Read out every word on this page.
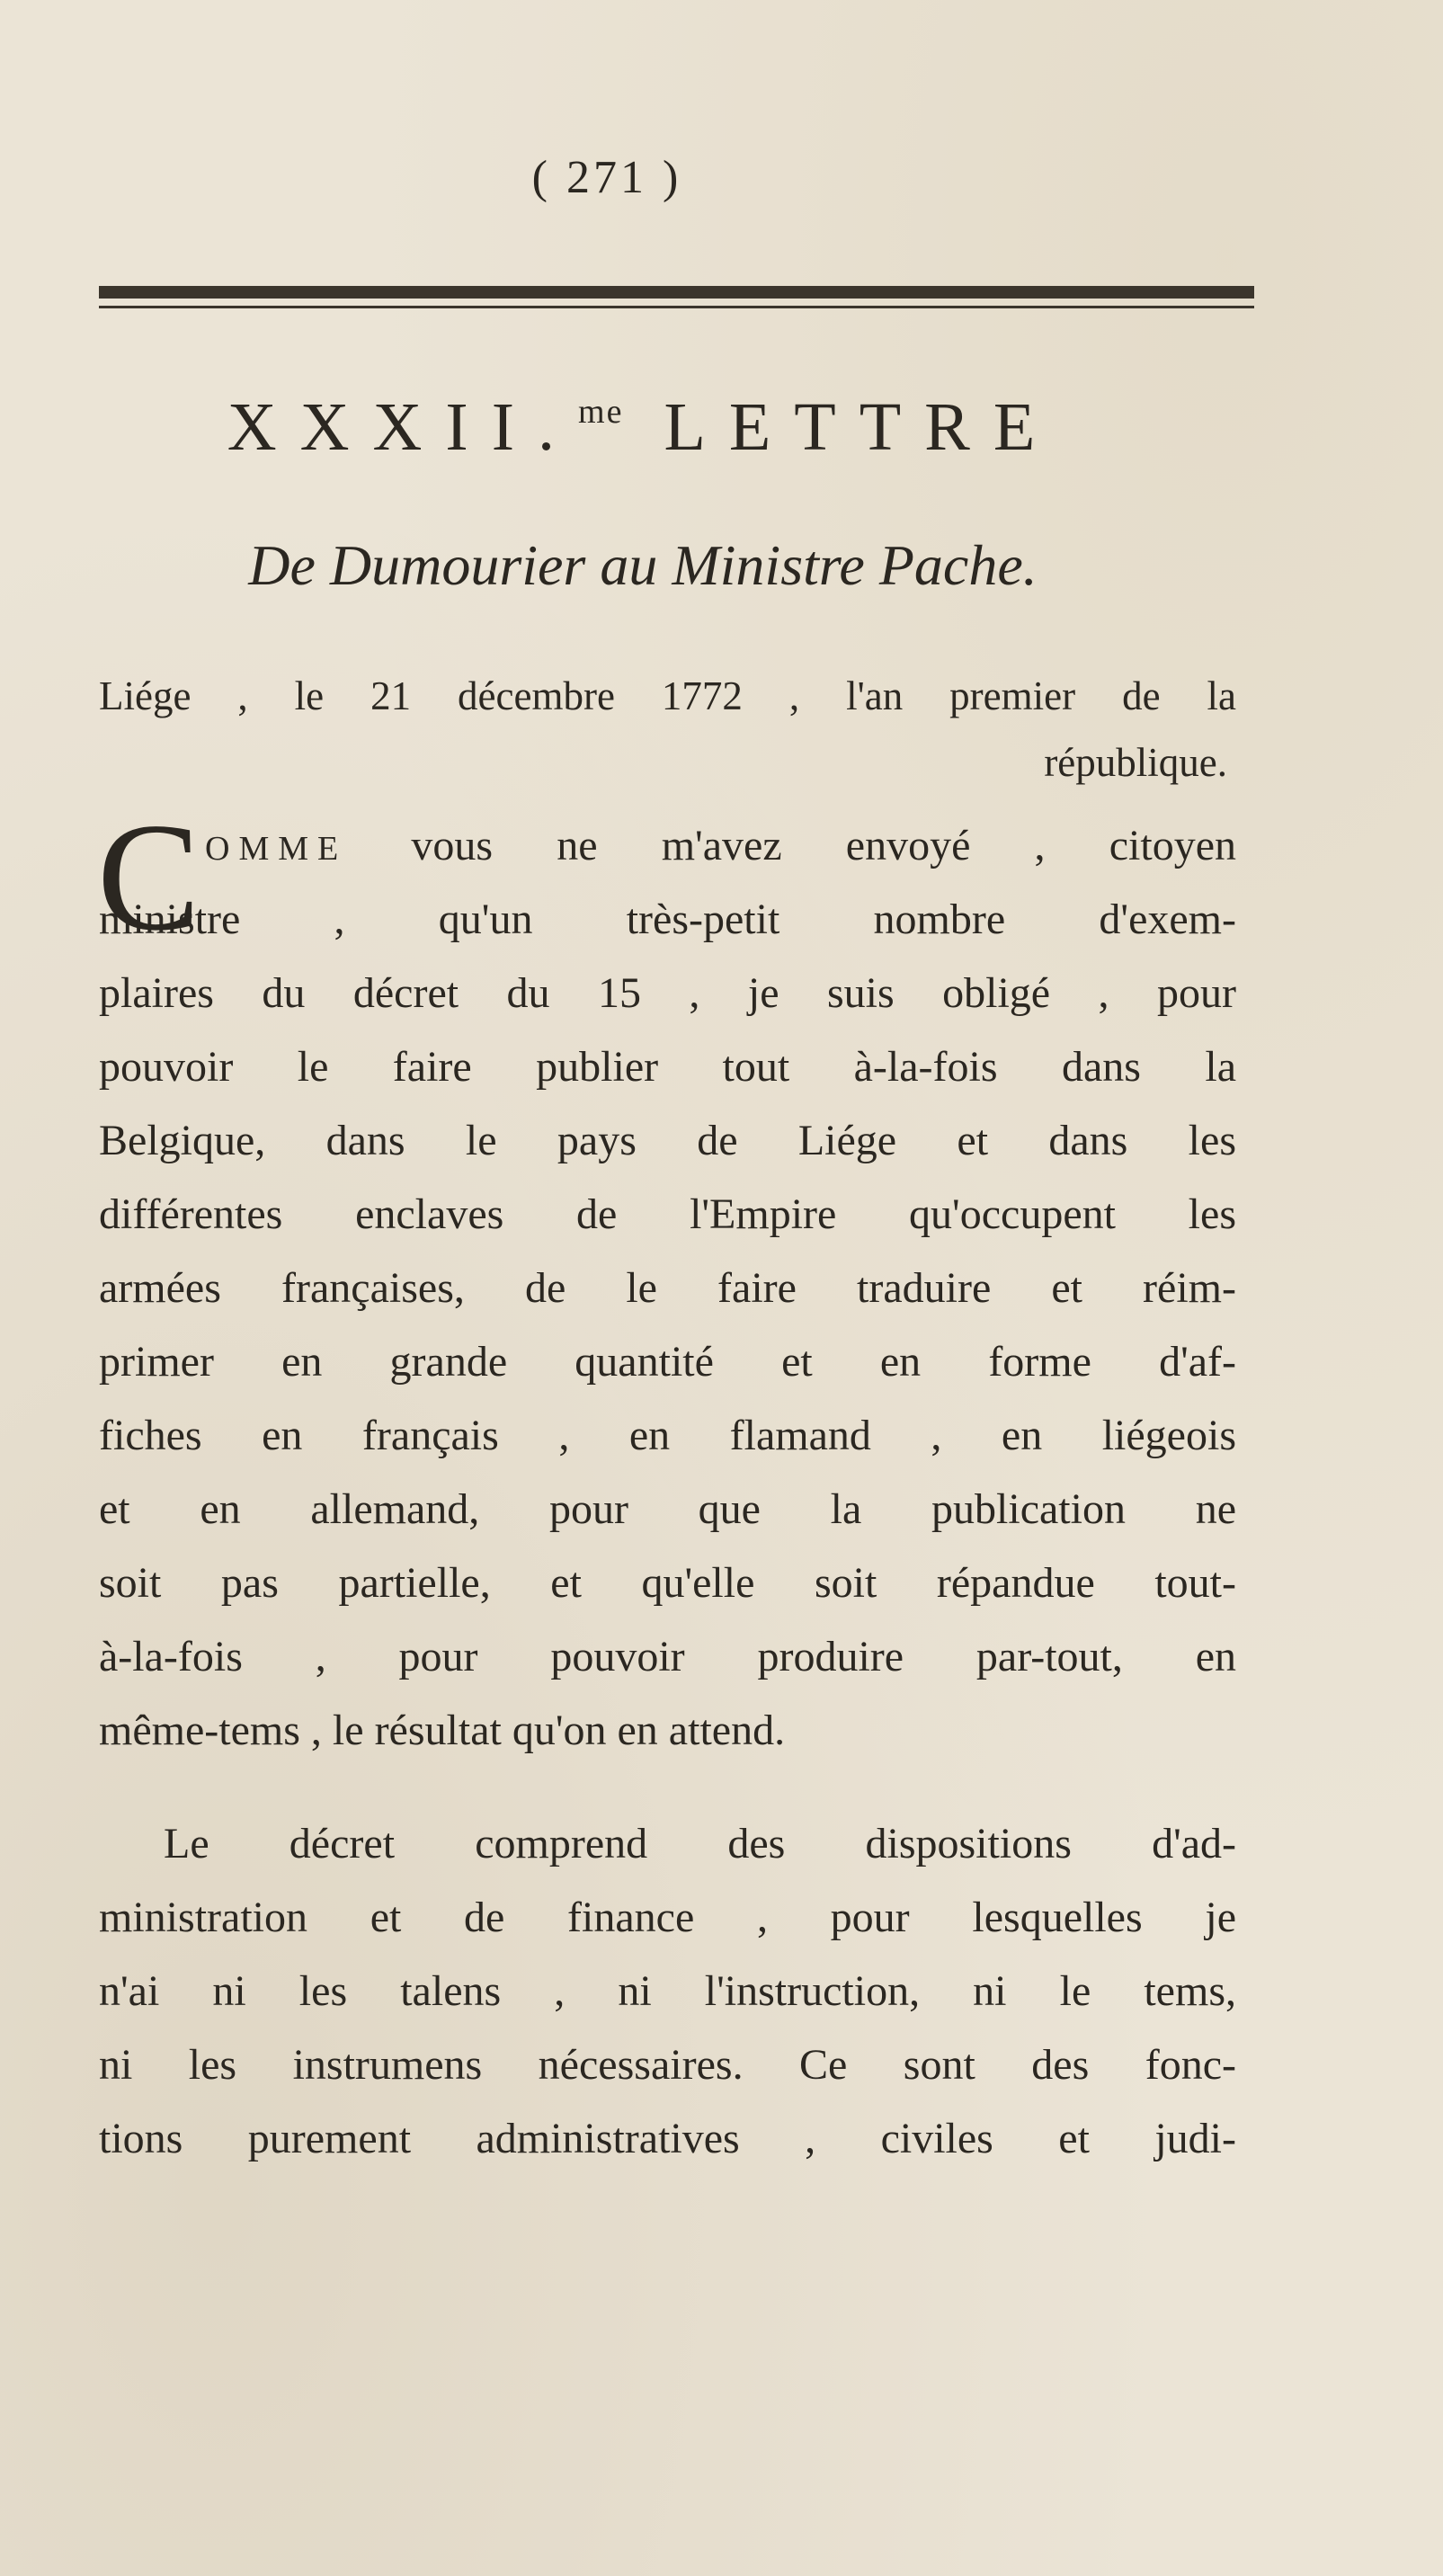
( 271 )
XXXII.$^{me}$ LETTRE
De Dumourier au Ministre Pache.
Liége , le 21 décembre 1772 , l'an premier de la
république.
C OMME vous ne m'avez envoyé , citoyen
ministre , qu'un très-petit nombre d'exem-
plaires du décret du 15 , je suis obligé , pour
pouvoir le faire publier tout à-la-fois dans la
Belgique, dans le pays de Liége et dans les
différentes enclaves de l'Empire qu'occupent les
armées françaises, de le faire traduire et réim-
primer en grande quantité et en forme d'af-
fiches en français , en flamand , en liégeois
et en allemand, pour que la publication ne
soit pas partielle, et qu'elle soit répandue tout-
à-la-fois , pour pouvoir produire par-tout, en
même-tems , le résultat qu'on en attend.
Le décret comprend des dispositions d'ad-
ministration et de finance , pour lesquelles je
n'ai ni les talens , ni l'instruction, ni le tems,
ni les instrumens nécessaires. Ce sont des fonc-
tions purement administratives , civiles et judi-
